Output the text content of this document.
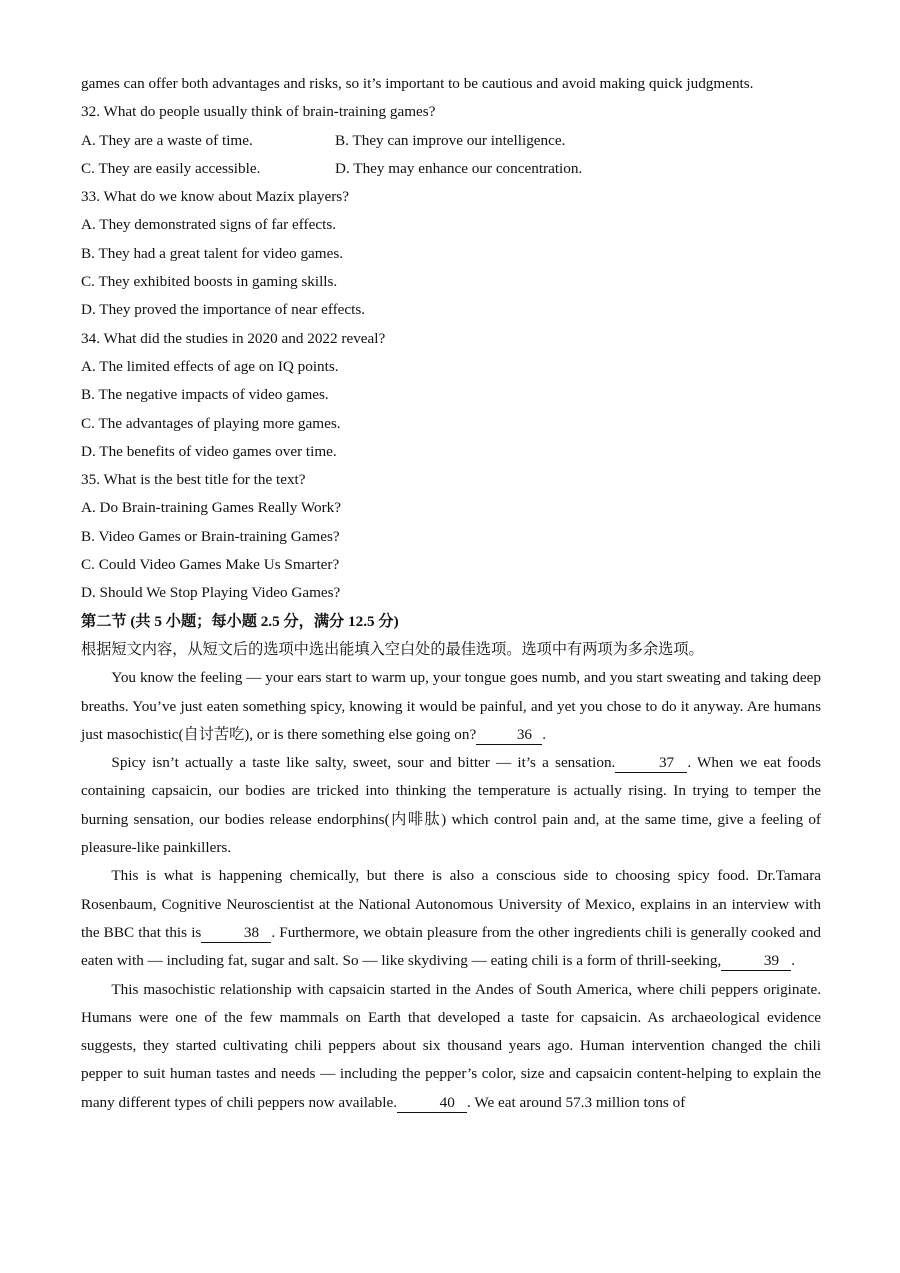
games can offer both advantages and risks, so it’s important to be cautious and avoid making quick judgments.
32. What do people usually think of brain-training games?
A. They are a waste of time.	B. They can improve our intelligence.
C. They are easily accessible.	D. They may enhance our concentration.
33. What do we know about Mazix players?
A. They demonstrated signs of far effects.
B. They had a great talent for video games.
C. They exhibited boosts in gaming skills.
D. They proved the importance of near effects.
34. What did the studies in 2020 and 2022 reveal?
A. The limited effects of age on IQ points.
B. The negative impacts of video games.
C. The advantages of playing more games.
D. The benefits of video games over time.
35. What is the best title for the text?
A. Do Brain-training Games Really Work?
B. Video Games or Brain-training Games?
C. Could Video Games Make Us Smarter?
D. Should We Stop Playing Video Games?
第二节 (共 5 小题；每小题 2.5 分，满分 12.5 分)
根据短文内容，从短文后的选项中选出能填入空白处的最佳选项。选项中有两项为多余选项。
You know the feeling — your ears start to warm up, your tongue goes numb, and you start sweating and taking deep breaths. You’ve just eaten something spicy, knowing it would be painful, and yet you chose to do it anyway. Are humans just masochistic(自讨苦吃), or is there something else going on?	36 .
Spicy isn’t actually a taste like salty, sweet, sour and bitter — it’s a sensation.	37 . When we eat foods containing capsaicin, our bodies are tricked into thinking the temperature is actually rising. In trying to temper the burning sensation, our bodies release endorphins(内啡肽) which control pain and, at the same time, give a feeling of pleasure-like painkillers.
This is what is happening chemically, but there is also a conscious side to choosing spicy food. Dr.Tamara Rosenbaum, Cognitive Neuroscientist at the National Autonomous University of Mexico, explains in an interview with the BBC that this is	38 . Furthermore, we obtain pleasure from the other ingredients chili is generally cooked and eaten with — including fat, sugar and salt. So — like skydiving — eating chili is a form of thrill-seeking,	39 .
This masochistic relationship with capsaicin started in the Andes of South America, where chili peppers originate. Humans were one of the few mammals on Earth that developed a taste for capsaicin. As archaeological evidence suggests, they started cultivating chili peppers about six thousand years ago. Human intervention changed the chili pepper to suit human tastes and needs — including the pepper’s color, size and capsaicin content-helping to explain the many different types of chili peppers now available.	40 . We eat around 57.3 million tons of
